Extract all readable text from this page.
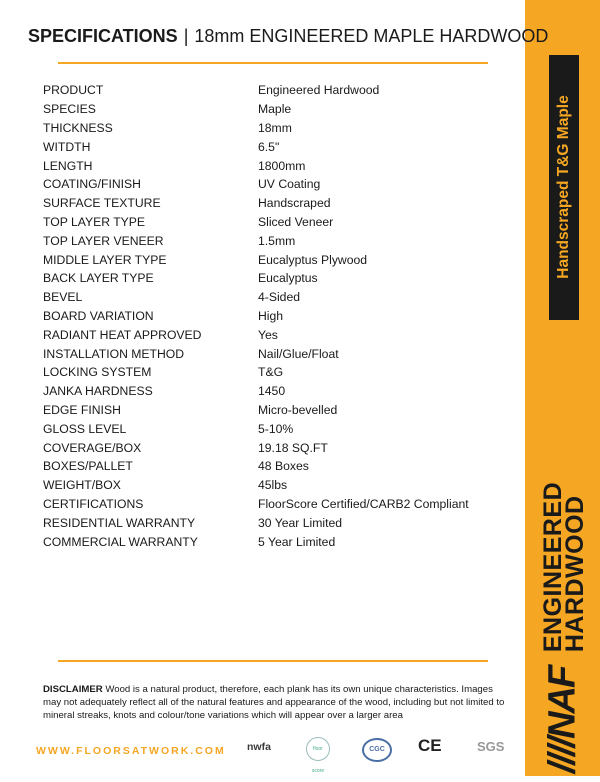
Handscraped T&G Maple
ENGINEERED
HARDWOOD
////NAF
SPECIFICATIONS | 18mm ENGINEERED MAPLE HARDWOOD
PRODUCT	Engineered Hardwood
SPECIES	Maple
THICKNESS	18mm
WITDTH	6.5"
LENGTH	1800mm
COATING/FINISH	UV Coating
SURFACE TEXTURE	Handscraped
TOP LAYER TYPE	Sliced Veneer
TOP LAYER VENEER	1.5mm
MIDDLE LAYER TYPE	Eucalyptus Plywood
BACK LAYER TYPE	Eucalyptus
BEVEL	4-Sided
BOARD VARIATION	High
RADIANT HEAT APPROVED	Yes
INSTALLATION METHOD	Nail/Glue/Float
LOCKING SYSTEM	T&G
JANKA HARDNESS	1450
EDGE FINISH	Micro-bevelled
GLOSS LEVEL	5-10%
COVERAGE/BOX	19.18 SQ.FT
BOXES/PALLET	48 Boxes
WEIGHT/BOX	45lbs
CERTIFICATIONS	FloorScore Certified/CARB2 Compliant
RESIDENTIAL WARRANTY	30 Year Limited
COMMERCIAL WARRANTY	5 Year Limited
DISCLAIMER Wood is a natural product, therefore, each plank has its own unique characteristics. Images may not adequately reflect all of the natural features and appearance of the wood, including but not limited to mineral streaks, knots and colour/tone variations which will appear over a larger area
WWW.FLOORSATWORK.COM nwfa	floor score
CGC	CE	SGS
